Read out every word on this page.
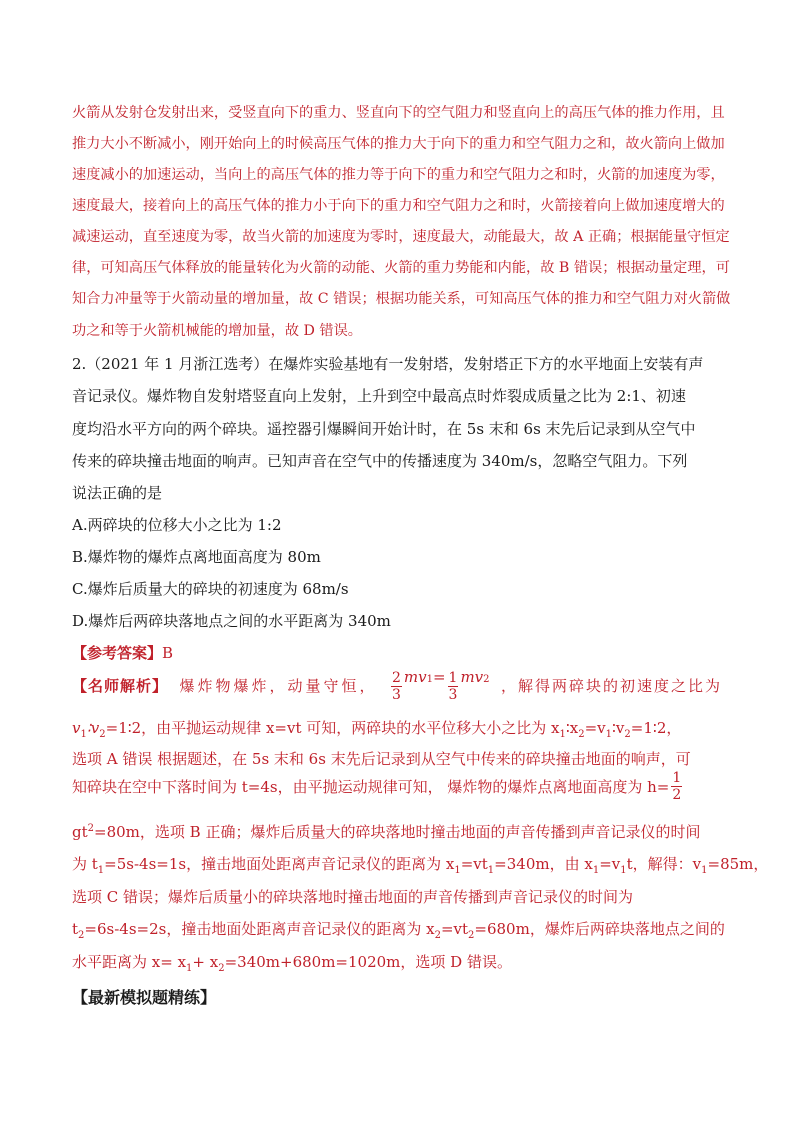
火箭从发射仓发射出来，受竖直向下的重力、竖直向下的空气阻力和竖直向上的高压气体的推力作用，且
推力大小不断减小，刚开始向上的时候高压气体的推力大于向下的重力和空气阻力之和，故火箭向上做加
速度减小的加速运动，当向上的高压气体的推力等于向下的重力和空气阻力之和时，火箭的加速度为零，
速度最大，接着向上的高压气体的推力小于向下的重力和空气阻力之和时，火箭接着向上做加速度增大的
减速运动，直至速度为零，故当火箭的加速度为零时，速度最大，动能最大，故 A 正确；根据能量守恒定
律，可知高压气体释放的能量转化为火箭的动能、火箭的重力势能和内能，故 B 错误；根据动量定理，可
知合力冲量等于火箭动量的增加量，故 C 错误；根据功能关系，可知高压气体的推力和空气阻力对火箭做
功之和等于火箭机械能的增加量，故 D 错误。
2.（2021 年 1 月浙江选考）在爆炸实验基地有一发射塔，发射塔正下方的水平地面上安装有声
音记录仪。爆炸物自发射塔竖直向上发射，上升到空中最高点时炸裂成质量之比为 2:1、初速
度均沿水平方向的两个碎块。遥控器引爆瞬间开始计时，在 5s 末和 6s 末先后记录到从空气中
传来的碎块撞击地面的响声。已知声音在空气中的传播速度为 340m/s，忽略空气阻力。下列
说法正确的是
A.两碎块的位移大小之比为 1:2
B.爆炸物的爆炸点离地面高度为 80m
C.爆炸后质量大的碎块的初速度为 68m/s
D.爆炸后两碎块落地点之间的水平距离为 340m
【参考答案】B
【名师解析】 爆炸物爆炸，动量守恒， $\frac{2}{3}$ mv $1 = \frac{1}{3}$ mv 2 ，解得两碎块的初速度之比为
$v_1∶v_2=1∶2$，由平抛运动规律 x=vt 可知，两碎块的水平位移大小之比为 $x_1∶x_2=v_1∶v_2=1∶2$，
选项 A 错误 根据题述，在 5s 末和 6s 末先后记录到从空气中传来的碎块撞击地面的响声，可
知碎块在空中下落时间为 t=4s，由平抛运动规律可知， 爆炸物的爆炸点离地面高度为 $h= \frac{1}{2}$
$gt^2=80m$，选项 B 正确；爆炸后质量大的碎块落地时撞击地面的声音传播到声音记录仪的时间
为 $t_1=5s-4s=1s$，撞击地面处距离声音记录仪的距离为 $x_1=vt_1=340m$，由 $x_1=v_1t$，解得：$v_1=85m$，
选项 C 错误；爆炸后质量小的碎块落地时撞击地面的声音传播到声音记录仪的时间为
$t_2=6s-4s=2s$，撞击地面处距离声音记录仪的距离为 $x_2=vt_2=680m$，爆炸后两碎块落地点之间的
水平距离为 $x= x_1+ x_2=340m+680m=1020m$，选项 D 错误。
【最新模拟题精练】
